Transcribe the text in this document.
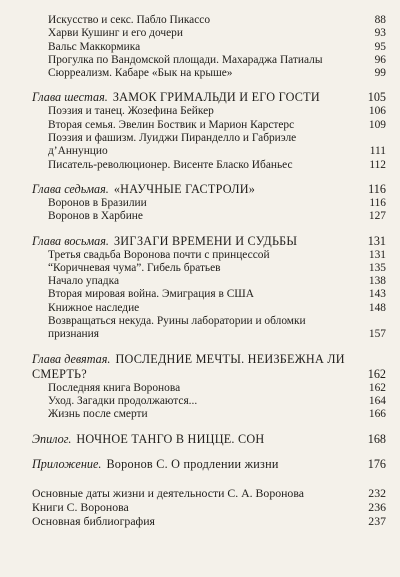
Искусство и секс. Пабло Пикассо	88
Харви Кушинг и его дочери	93
Вальс Маккормика	95
Прогулка по Вандомской площади. Махараджа Патиалы	96
Сюрреализм. Кабаре «Бык на крыше»	99
Глава шестая. ЗАМОК ГРИМАЛЬДИ И ЕГО ГОСТИ	105
Поэзия и танец. Жозефина Бейкер	106
Вторая семья. Эвелин Боствик и Марион Карстерс	109
Поэзия и фашизм. Луиджи Пиранделло и Габриэле
д’Аннунцио	111
Писатель-революционер. Висенте Бласко Ибаньес	112
Глава седьмая. «НАУЧНЫЕ ГАСТРОЛИ»	116
Воронов в Бразилии	116
Воронов в Харбине	127
Глава восьмая. ЗИГЗАГИ ВРЕМЕНИ И СУДЬБЫ	131
Третья свадьба Воронова почти с принцессой	131
“Коричневая чума”. Гибель братьев	135
Начало упадка	138
Вторая мировая война. Эмиграция в США	143
Книжное наследие	148
Возвращаться некуда. Руины лаборатории и обломки
признания	157
Глава девятая. ПОСЛЕДНИЕ МЕЧТЫ. НЕИЗБЕЖНА ЛИ
СМЕРТЬ?	162
Последняя книга Воронова	162
Уход. Загадки продолжаются...	164
Жизнь после смерти	166
Эпилог. НОЧНОЕ ТАНГО В НИЦЦЕ. СОН	168
Приложение. Воронов С. О продлении жизни	176
Основные даты жизни и деятельности С. А. Воронова	232
Книги С. Воронова	236
Основная библиография	237
